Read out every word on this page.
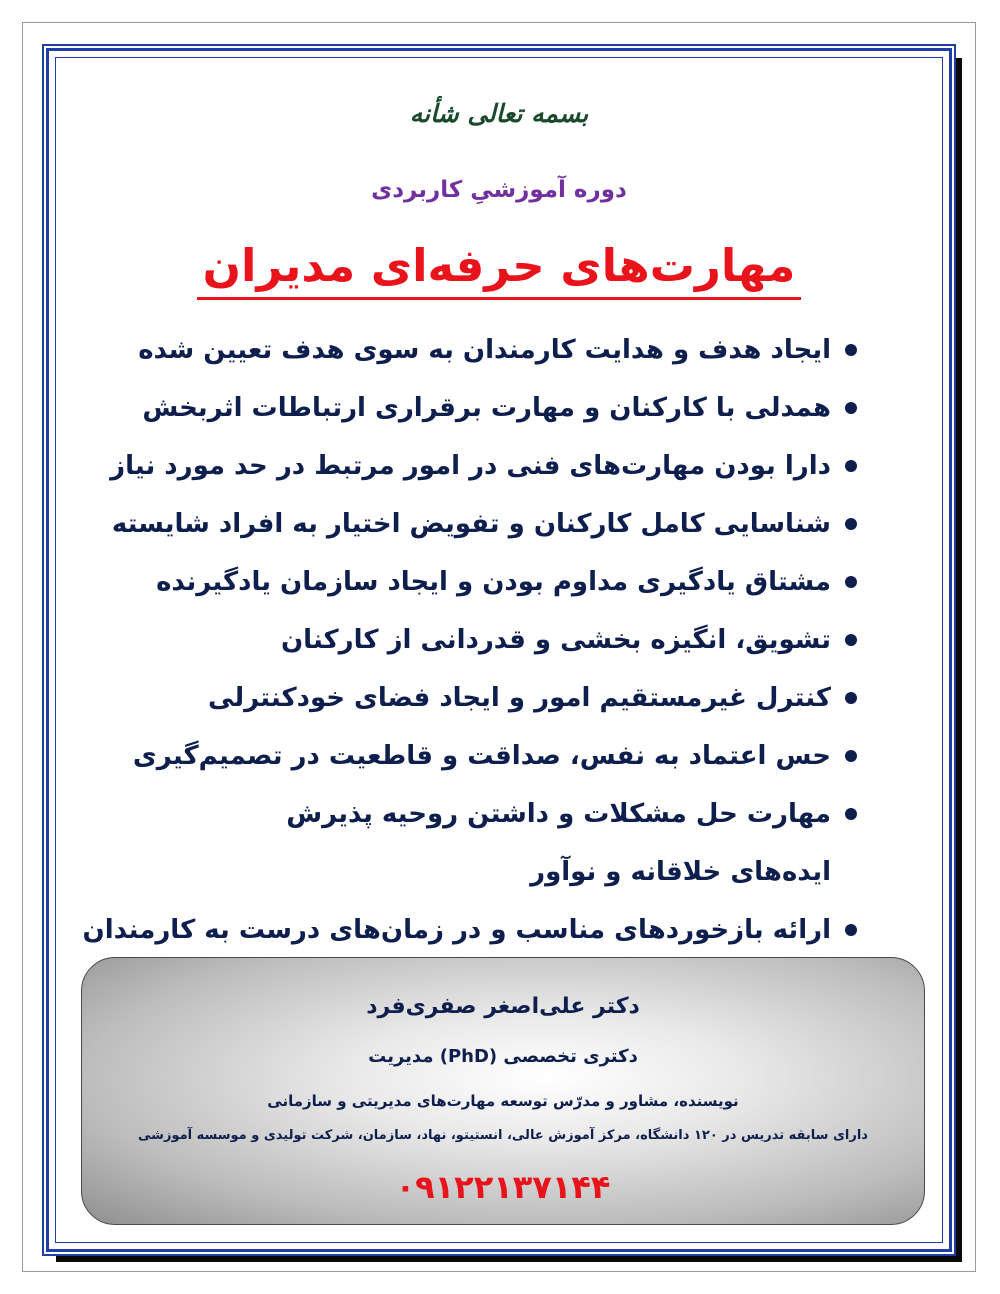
بسمه تعالی شأنه
دوره آموزشیِ کاربردی
مهارت‌های حرفه‌ای مدیران
ایجاد هدف و هدایت کارمندان به سوی هدف تعیین شده
همدلی با کارکنان و مهارت برقراری ارتباطات اثربخش
دارا بودن مهارت‌های فنی در امور مرتبط در حد مورد نیاز
شناسایی کامل کارکنان و تفویض اختیار به افراد شایسته
مشتاق یادگیری مداوم بودن و ایجاد سازمان یادگیرنده
تشویق، انگیزه بخشی و قدردانی از کارکنان
کنترل غیرمستقیم امور و ایجاد فضای خودکنترلی
حس اعتماد به نفس، صداقت و قاطعیت در تصمیم‌گیری
مهارت حل مشکلات و داشتن روحیه پذیرش ایده‌های خلاقانه و نوآور
ارائه بازخوردهای مناسب و در زمان‌های درست به کارمندان
دکتر علی‌اصغر صفری‌فرد
دکتری تخصصی (PhD) مدیریت
نویسنده، مشاور و مدرّس توسعه مهارت‌های مدیریتی و سازمانی
دارای سابقه تدریس در ۱۲۰ دانشگاه، مرکز آموزش عالی، انستیتو، نهاد، سازمان، شرکت تولیدی و موسسه آموزشی
۰۹۱۲۲۱۳۷۱۴۴
